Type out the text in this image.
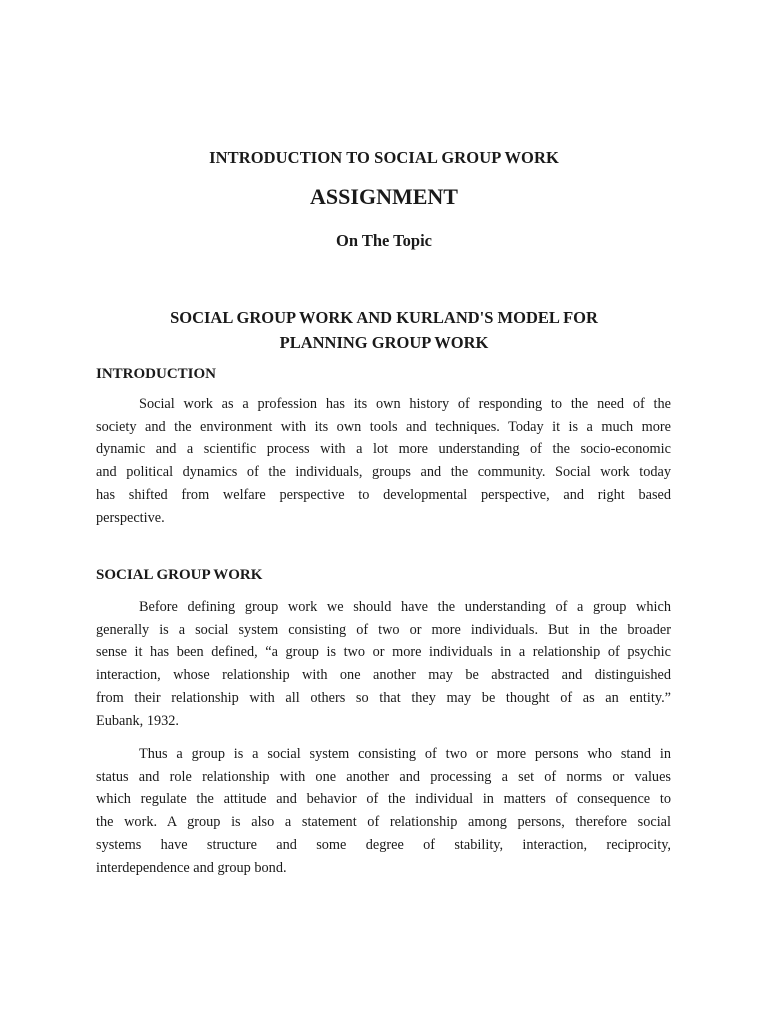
INTRODUCTION TO SOCIAL GROUP WORK
ASSIGNMENT
On The Topic
SOCIAL GROUP WORK AND KURLAND'S MODEL FOR
PLANNING GROUP WORK
INTRODUCTION
Social work as a profession has its own history of responding to the need of the
society and the environment with its own tools and techniques. Today it is a much more
dynamic and a scientific process with a lot more understanding of the socio-economic
and political dynamics of the individuals, groups and the community. Social work today
has shifted from welfare perspective to developmental perspective, and right based
perspective.
SOCIAL GROUP WORK
Before defining group work we should have the understanding of a group which
generally is a social system consisting of two or more individuals. But in the broader
sense it has been defined, “a group is two or more individuals in a relationship of psychic
interaction, whose relationship with one another may be abstracted and distinguished
from their relationship with all others so that they may be thought of as an entity.”
Eubank, 1932.
Thus a group is a social system consisting of two or more persons who stand in
status and role relationship with one another and processing a set of norms or values
which regulate the attitude and behavior of the individual in matters of consequence to
the work. A group is also a statement of relationship among persons, therefore social
systems have structure and some degree of stability, interaction, reciprocity,
interdependence and group bond.
